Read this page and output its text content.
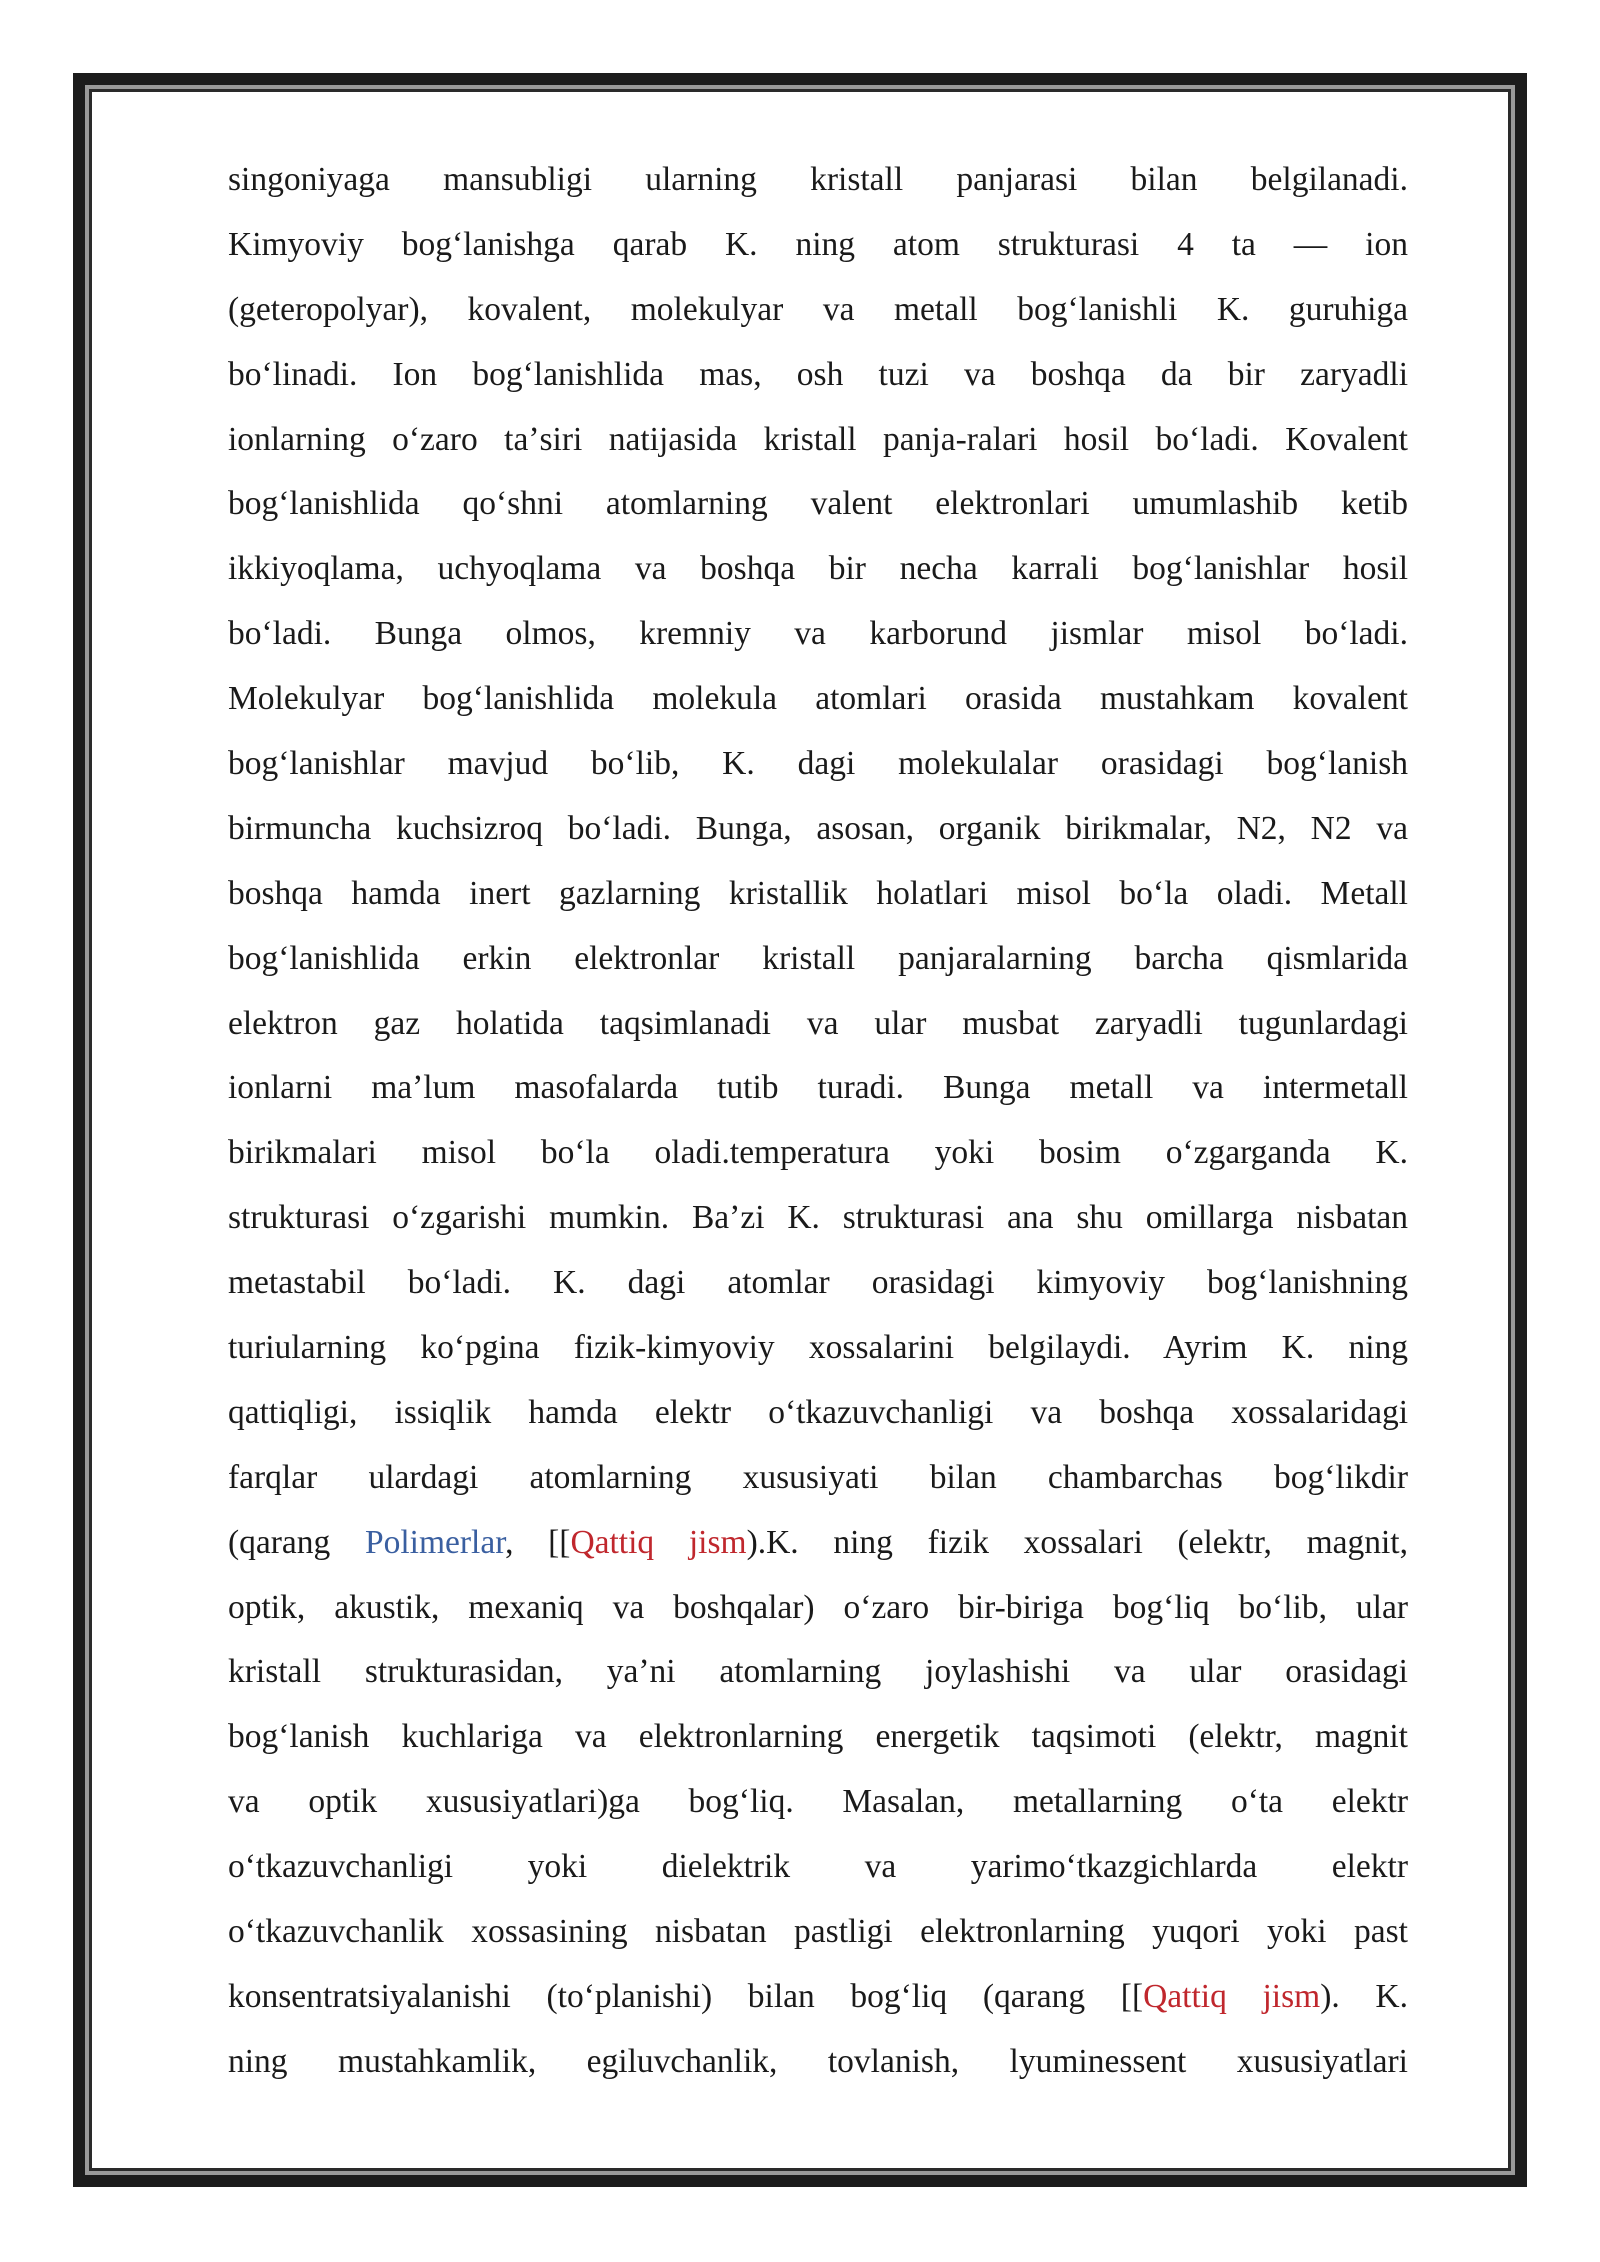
singoniyaga mansubligi ularning kristall panjarasi bilan belgilanadi.
Kimyoviy bogʻlanishga qarab K. ning atom strukturasi 4 ta — ion
(geteropolyar), kovalent, molekulyar va metall bogʻlanishli K. guruhiga
boʻlinadi. Ion bogʻlanishlida mas, osh tuzi va boshqa da bir zaryadli
ionlarning oʻzaro taʼsiri natijasida kristall panja-ralari hosil boʻladi. Kovalent
bogʻlanishlida qoʻshni atomlarning valent elektronlari umumlashib ketib
ikkiyoqlama, uchyoqlama va boshqa bir necha karrali bogʻlanishlar hosil
boʻladi. Bunga olmos, kremniy va karborund jismlar misol boʻladi.
Molekulyar bogʻlanishlida molekula atomlari orasida mustahkam kovalent
bogʻlanishlar mavjud boʻlib, K. dagi molekulalar orasidagi bogʻlanish
birmuncha kuchsizroq boʻladi. Bunga, asosan, organik birikmalar, N2, N2 va
boshqa hamda inert gazlarning kristallik holatlari misol boʻla oladi. Metall
bogʻlanishlida erkin elektronlar kristall panjaralarning barcha qismlarida
elektron gaz holatida taqsimlanadi va ular musbat zaryadli tugunlardagi
ionlarni maʼlum masofalarda tutib turadi. Bunga metall va intermetall
birikmalari misol boʻla oladi.temperatura yoki bosim oʻzgarganda K.
strukturasi oʻzgarishi mumkin. Baʼzi K. strukturasi ana shu omillarga nisbatan
metastabil boʻladi. K. dagi atomlar orasidagi kimyoviy bogʻlanishning
turiularning koʻpgina fizik-kimyoviy xossalarini belgilaydi. Ayrim K. ning
qattiqligi, issiqlik hamda elektr oʻtkazuvchanligi va boshqa xossalaridagi
farqlar ulardagi atomlarning xususiyati bilan chambarchas bogʻlikdir
(qarang Polimerlar, [[Qattiq jism).K. ning fizik xossalari (elektr, magnit,
optik, akustik, mexaniq va boshqalar) oʻzaro bir-biriga bogʻliq boʻlib, ular
kristall strukturasidan, yaʼni atomlarning joylashishi va ular orasidagi
bogʻlanish kuchlariga va elektronlarning energetik taqsimoti (elektr, magnit
va optik xususiyatlari)ga bogʻliq. Masalan, metallarning oʻta elektr
oʻtkazuvchanligi yoki dielektrik va yarimoʻtkazgichlarda elektr
oʻtkazuvchanlik xossasining nisbatan pastligi elektronlarning yuqori yoki past
konsentratsiyalanishi (toʻplanishi) bilan bogʻliq (qarang [[Qattiq jism). K.
ning mustahkamlik, egiluvchanlik, tovlanish, lyuminessent xususiyatlari
